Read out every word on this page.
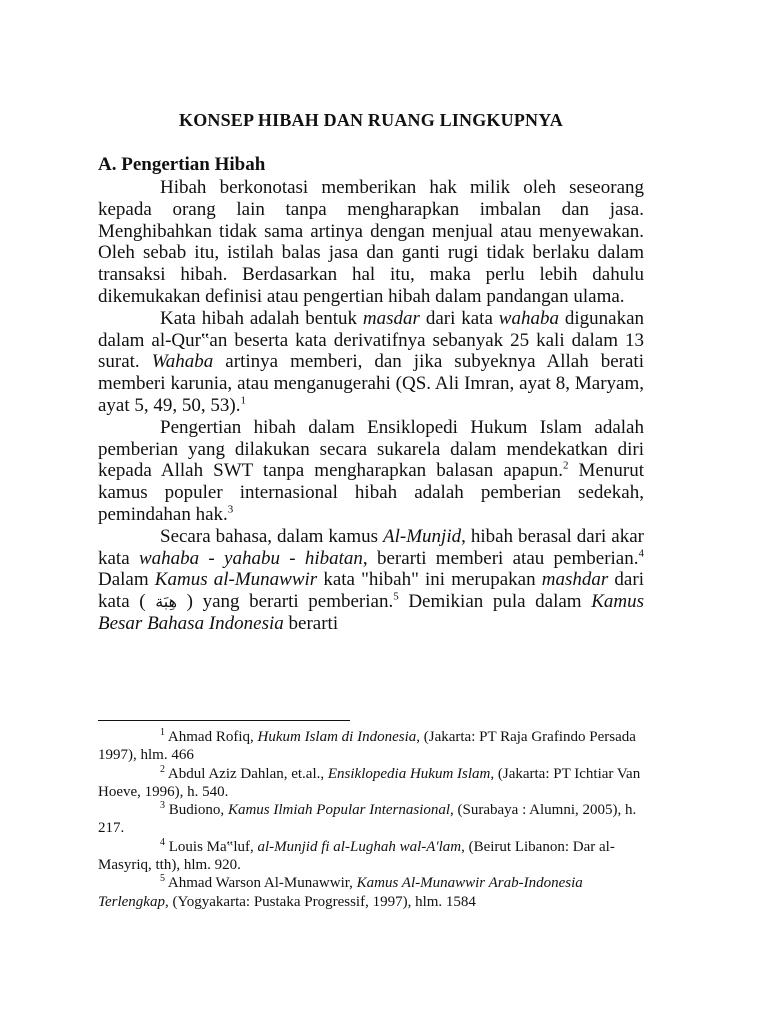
KONSEP HIBAH DAN RUANG LINGKUPNYA
A. Pengertian Hibah

Hibah berkonotasi memberikan hak milik oleh seseorang kepada orang lain tanpa mengharapkan imbalan dan jasa. Menghibahkan tidak sama artinya dengan menjual atau menyewakan. Oleh sebab itu, istilah balas jasa dan ganti rugi tidak berlaku dalam transaksi hibah. Berdasarkan hal itu, maka perlu lebih dahulu dikemukakan definisi atau pengertian hibah dalam pandangan ulama.

Kata hibah adalah bentuk masdar dari kata wahaba digunakan dalam al-Qur‟an beserta kata derivatifnya sebanyak 25 kali dalam 13 surat. Wahaba artinya memberi, dan jika subyeknya Allah berati memberi karunia, atau menganugerahi (QS. Ali Imran, ayat 8, Maryam, ayat 5, 49, 50, 53).$^1$

Pengertian hibah dalam Ensiklopedi Hukum Islam adalah pemberian yang dilakukan secara sukarela dalam mendekatkan diri kepada Allah SWT tanpa mengharapkan balasan apapun.$^2$ Menurut kamus populer internasional hibah adalah pemberian sedekah, pemindahan hak.$^3$

Secara bahasa, dalam kamus Al-Munjid, hibah berasal dari akar kata wahaba - yahabu - hibatan, berarti memberi atau pemberian.$^4$ Dalam Kamus al-Munawwir kata "hibah" ini merupakan mashdar dari kata ( هِبَة ) yang berarti pemberian.$^5$ Demikian pula dalam Kamus Besar Bahasa Indonesia berarti

$^1$ Ahmad Rofiq, Hukum Islam di Indonesia, (Jakarta: PT Raja Grafindo Persada 1997), hlm. 466

$^2$ Abdul Aziz Dahlan, et.al., Ensiklopedia Hukum Islam, (Jakarta: PT Ichtiar Van Hoeve, 1996), h. 540.

$^3$ Budiono, Kamus Ilmiah Popular Internasional, (Surabaya : Alumni, 2005), h. 217.

$^4$ Louis Ma‟luf, al-Munjid fi al-Lughah wal-A'lam, (Beirut Libanon: Dar al-Masyriq, tth), hlm. 920.

$^5$ Ahmad Warson Al-Munawwir, Kamus Al-Munawwir Arab-Indonesia Terlengkap, (Yogyakarta: Pustaka Progressif, 1997), hlm. 1584
